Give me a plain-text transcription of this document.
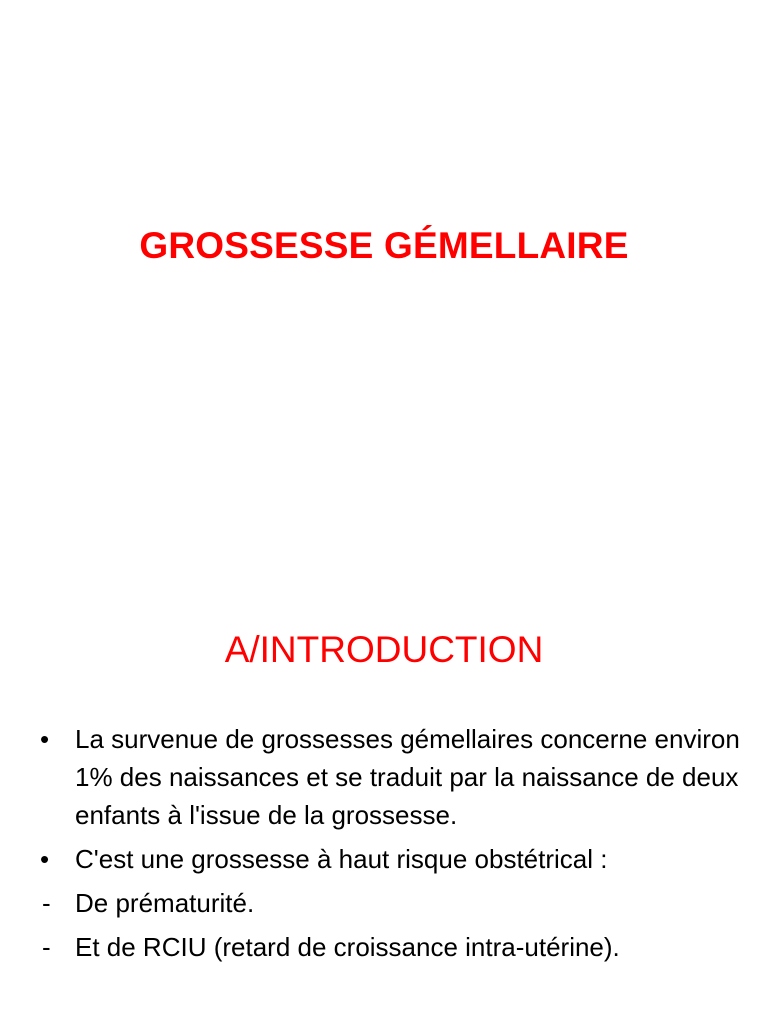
GROSSESSE GÉMELLAIRE
A/INTRODUCTION
• La survenue de grossesses gémellaires concerne environ 1% des naissances et se traduit par la naissance de deux enfants à l'issue de la grossesse.
• C'est une grossesse à haut risque obstétrical :
- De prématurité.
- Et de RCIU (retard de croissance intra-utérine).
